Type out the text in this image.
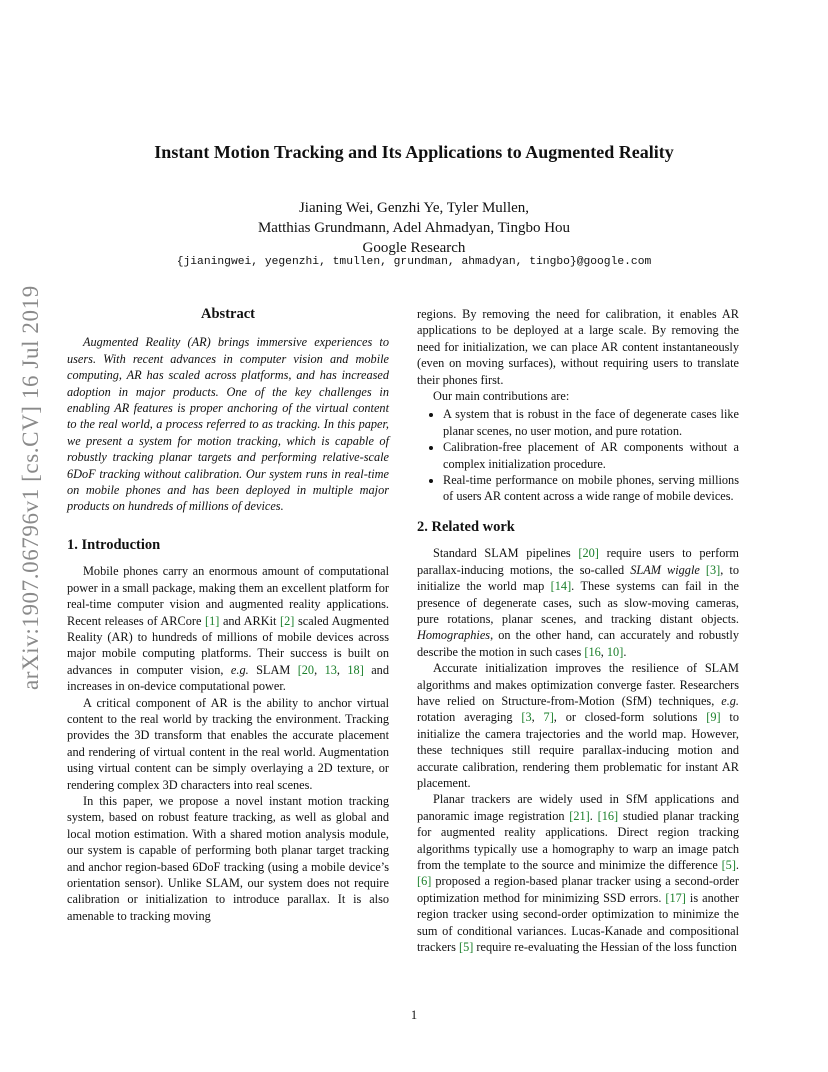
arXiv:1907.06796v1 [cs.CV] 16 Jul 2019
Instant Motion Tracking and Its Applications to Augmented Reality
Jianing Wei, Genzhi Ye, Tyler Mullen,
Matthias Grundmann, Adel Ahmadyan, Tingbo Hou
Google Research
{jianingwei, yegenzhi, tmullen, grundman, ahmadyan, tingbo}@google.com
Abstract

Augmented Reality (AR) brings immersive experiences to users. With recent advances in computer vision and mobile computing, AR has scaled across platforms, and has increased adoption in major products. One of the key challenges in enabling AR features is proper anchoring of the virtual content to the real world, a process referred to as tracking. In this paper, we present a system for motion tracking, which is capable of robustly tracking planar targets and performing relative-scale 6DoF tracking without calibration. Our system runs in real-time on mobile phones and has been deployed in multiple major products on hundreds of millions of devices.

1. Introduction

Mobile phones carry an enormous amount of computational power in a small package, making them an excellent platform for real-time computer vision and augmented reality applications. Recent releases of ARCore [1] and ARKit [2] scaled Augmented Reality (AR) to hundreds of millions of mobile devices across major mobile computing platforms. Their success is built on advances in computer vision, e.g. SLAM [20, 13, 18] and increases in on-device computational power.

A critical component of AR is the ability to anchor virtual content to the real world by tracking the environment. Tracking provides the 3D transform that enables the accurate placement and rendering of virtual content in the real world. Augmentation using virtual content can be simply overlaying a 2D texture, or rendering complex 3D characters into real scenes.

In this paper, we propose a novel instant motion tracking system, based on robust feature tracking, as well as global and local motion estimation. With a shared motion analysis module, our system is capable of performing both planar target tracking and anchor region-based 6DoF tracking (using a mobile device’s orientation sensor). Unlike SLAM, our system does not require calibration or initialization to introduce parallax. It is also amenable to tracking moving

regions. By removing the need for calibration, it enables AR applications to be deployed at a large scale. By removing the need for initialization, we can place AR content instantaneously (even on moving surfaces), without requiring users to translate their phones first.

Our main contributions are:

• A system that is robust in the face of degenerate cases like planar scenes, no user motion, and pure rotation.
• Calibration-free placement of AR components without a complex initialization procedure.
• Real-time performance on mobile phones, serving millions of users AR content across a wide range of mobile devices.
2. Related work

Standard SLAM pipelines [20] require users to perform parallax-inducing motions, the so-called SLAM wiggle [3], to initialize the world map [14]. These systems can fail in the presence of degenerate cases, such as slow-moving cameras, pure rotations, planar scenes, and tracking distant objects. Homographies, on the other hand, can accurately and robustly describe the motion in such cases [16, 10].

Accurate initialization improves the resilience of SLAM algorithms and makes optimization converge faster. Researchers have relied on Structure-from-Motion (SfM) techniques, e.g. rotation averaging [3, 7], or closed-form solutions [9] to initialize the camera trajectories and the world map. However, these techniques still require parallax-inducing motion and accurate calibration, rendering them problematic for instant AR placement.

Planar trackers are widely used in SfM applications and panoramic image registration [21]. [16] studied planar tracking for augmented reality applications. Direct region tracking algorithms typically use a homography to warp an image patch from the template to the source and minimize the difference [5]. [6] proposed a region-based planar tracker using a second-order optimization method for minimizing SSD errors. [17] is another region tracker using second-order optimization to minimize the sum of conditional variances. Lucas-Kanade and compositional trackers [5] require re-evaluating the Hessian of the loss function

1
